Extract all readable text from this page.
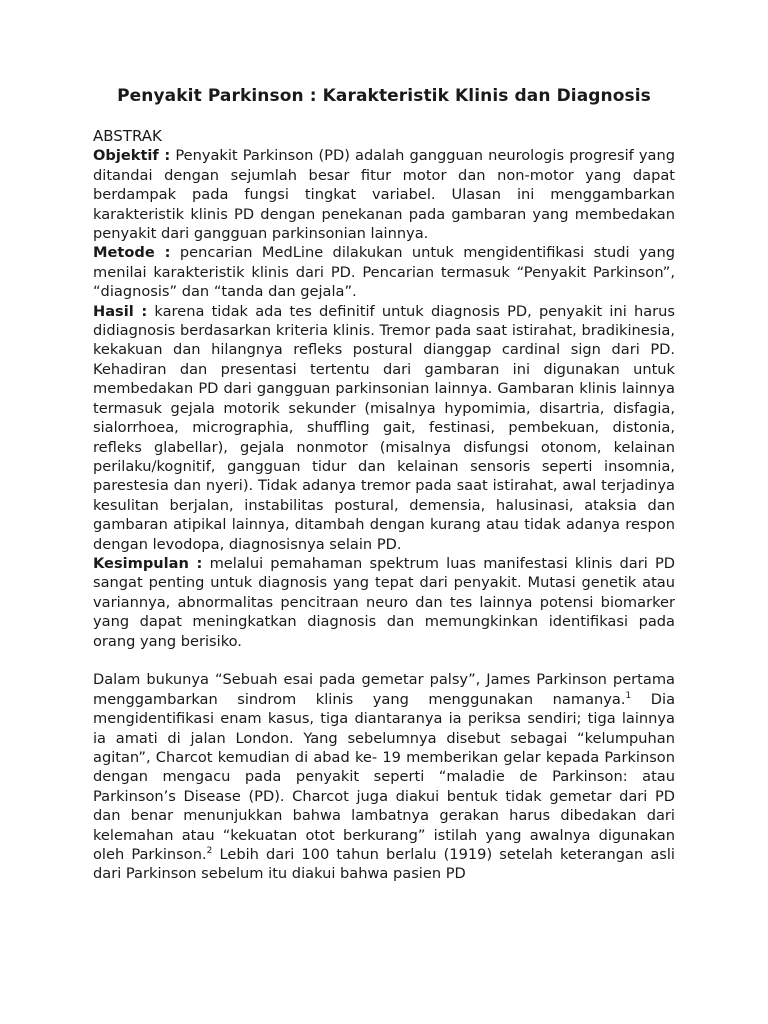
Penyakit Parkinson : Karakteristik Klinis dan Diagnosis
ABSTRAK

Objektif : Penyakit Parkinson (PD) adalah gangguan neurologis progresif yang ditandai dengan sejumlah besar fitur motor dan non-motor yang dapat berdampak pada fungsi tingkat variabel. Ulasan ini menggambarkan karakteristik klinis PD dengan penekanan pada gambaran yang membedakan penyakit dari gangguan parkinsonian lainnya.

Metode : pencarian MedLine dilakukan untuk mengidentifikasi studi yang menilai karakteristik klinis dari PD. Pencarian termasuk “Penyakit Parkinson”, “diagnosis” dan “tanda dan gejala”.

Hasil : karena tidak ada tes definitif untuk diagnosis PD, penyakit ini harus didiagnosis berdasarkan kriteria klinis. Tremor pada saat istirahat, bradikinesia, kekakuan dan hilangnya refleks postural dianggap cardinal sign dari PD. Kehadiran dan presentasi tertentu dari gambaran ini digunakan untuk membedakan PD dari gangguan parkinsonian lainnya. Gambaran klinis lainnya termasuk gejala motorik sekunder (misalnya hypomimia, disartria, disfagia, sialorrhoea, micrographia, shuffling gait, festinasi, pembekuan, distonia, refleks glabellar), gejala nonmotor (misalnya disfungsi otonom, kelainan perilaku/kognitif, gangguan tidur dan kelainan sensoris seperti insomnia, parestesia dan nyeri). Tidak adanya tremor pada saat istirahat, awal terjadinya kesulitan berjalan, instabilitas postural, demensia, halusinasi, ataksia dan gambaran atipikal lainnya, ditambah dengan kurang atau tidak adanya respon dengan levodopa, diagnosisnya selain PD.

Kesimpulan : melalui pemahaman spektrum luas manifestasi klinis dari PD sangat penting untuk diagnosis yang tepat dari penyakit. Mutasi genetik atau variannya, abnormalitas pencitraan neuro dan tes lainnya potensi biomarker yang dapat meningkatkan diagnosis dan memungkinkan identifikasi pada orang yang berisiko.

Dalam bukunya “Sebuah esai pada gemetar palsy”, James Parkinson pertama menggambarkan sindrom klinis yang menggunakan namanya.$^1$ Dia mengidentifikasi enam kasus, tiga diantaranya ia periksa sendiri; tiga lainnya ia amati di jalan London. Yang sebelumnya disebut sebagai “kelumpuhan agitan”, Charcot kemudian di abad ke- 19 memberikan gelar kepada Parkinson dengan mengacu pada penyakit seperti “maladie de Parkinson: atau Parkinson’s Disease (PD). Charcot juga diakui bentuk tidak gemetar dari PD dan benar menunjukkan bahwa lambatnya gerakan harus dibedakan dari kelemahan atau “kekuatan otot berkurang” istilah yang awalnya digunakan oleh Parkinson.$^2$ Lebih dari 100 tahun berlalu (1919) setelah keterangan asli dari Parkinson sebelum itu diakui bahwa pasien PD
